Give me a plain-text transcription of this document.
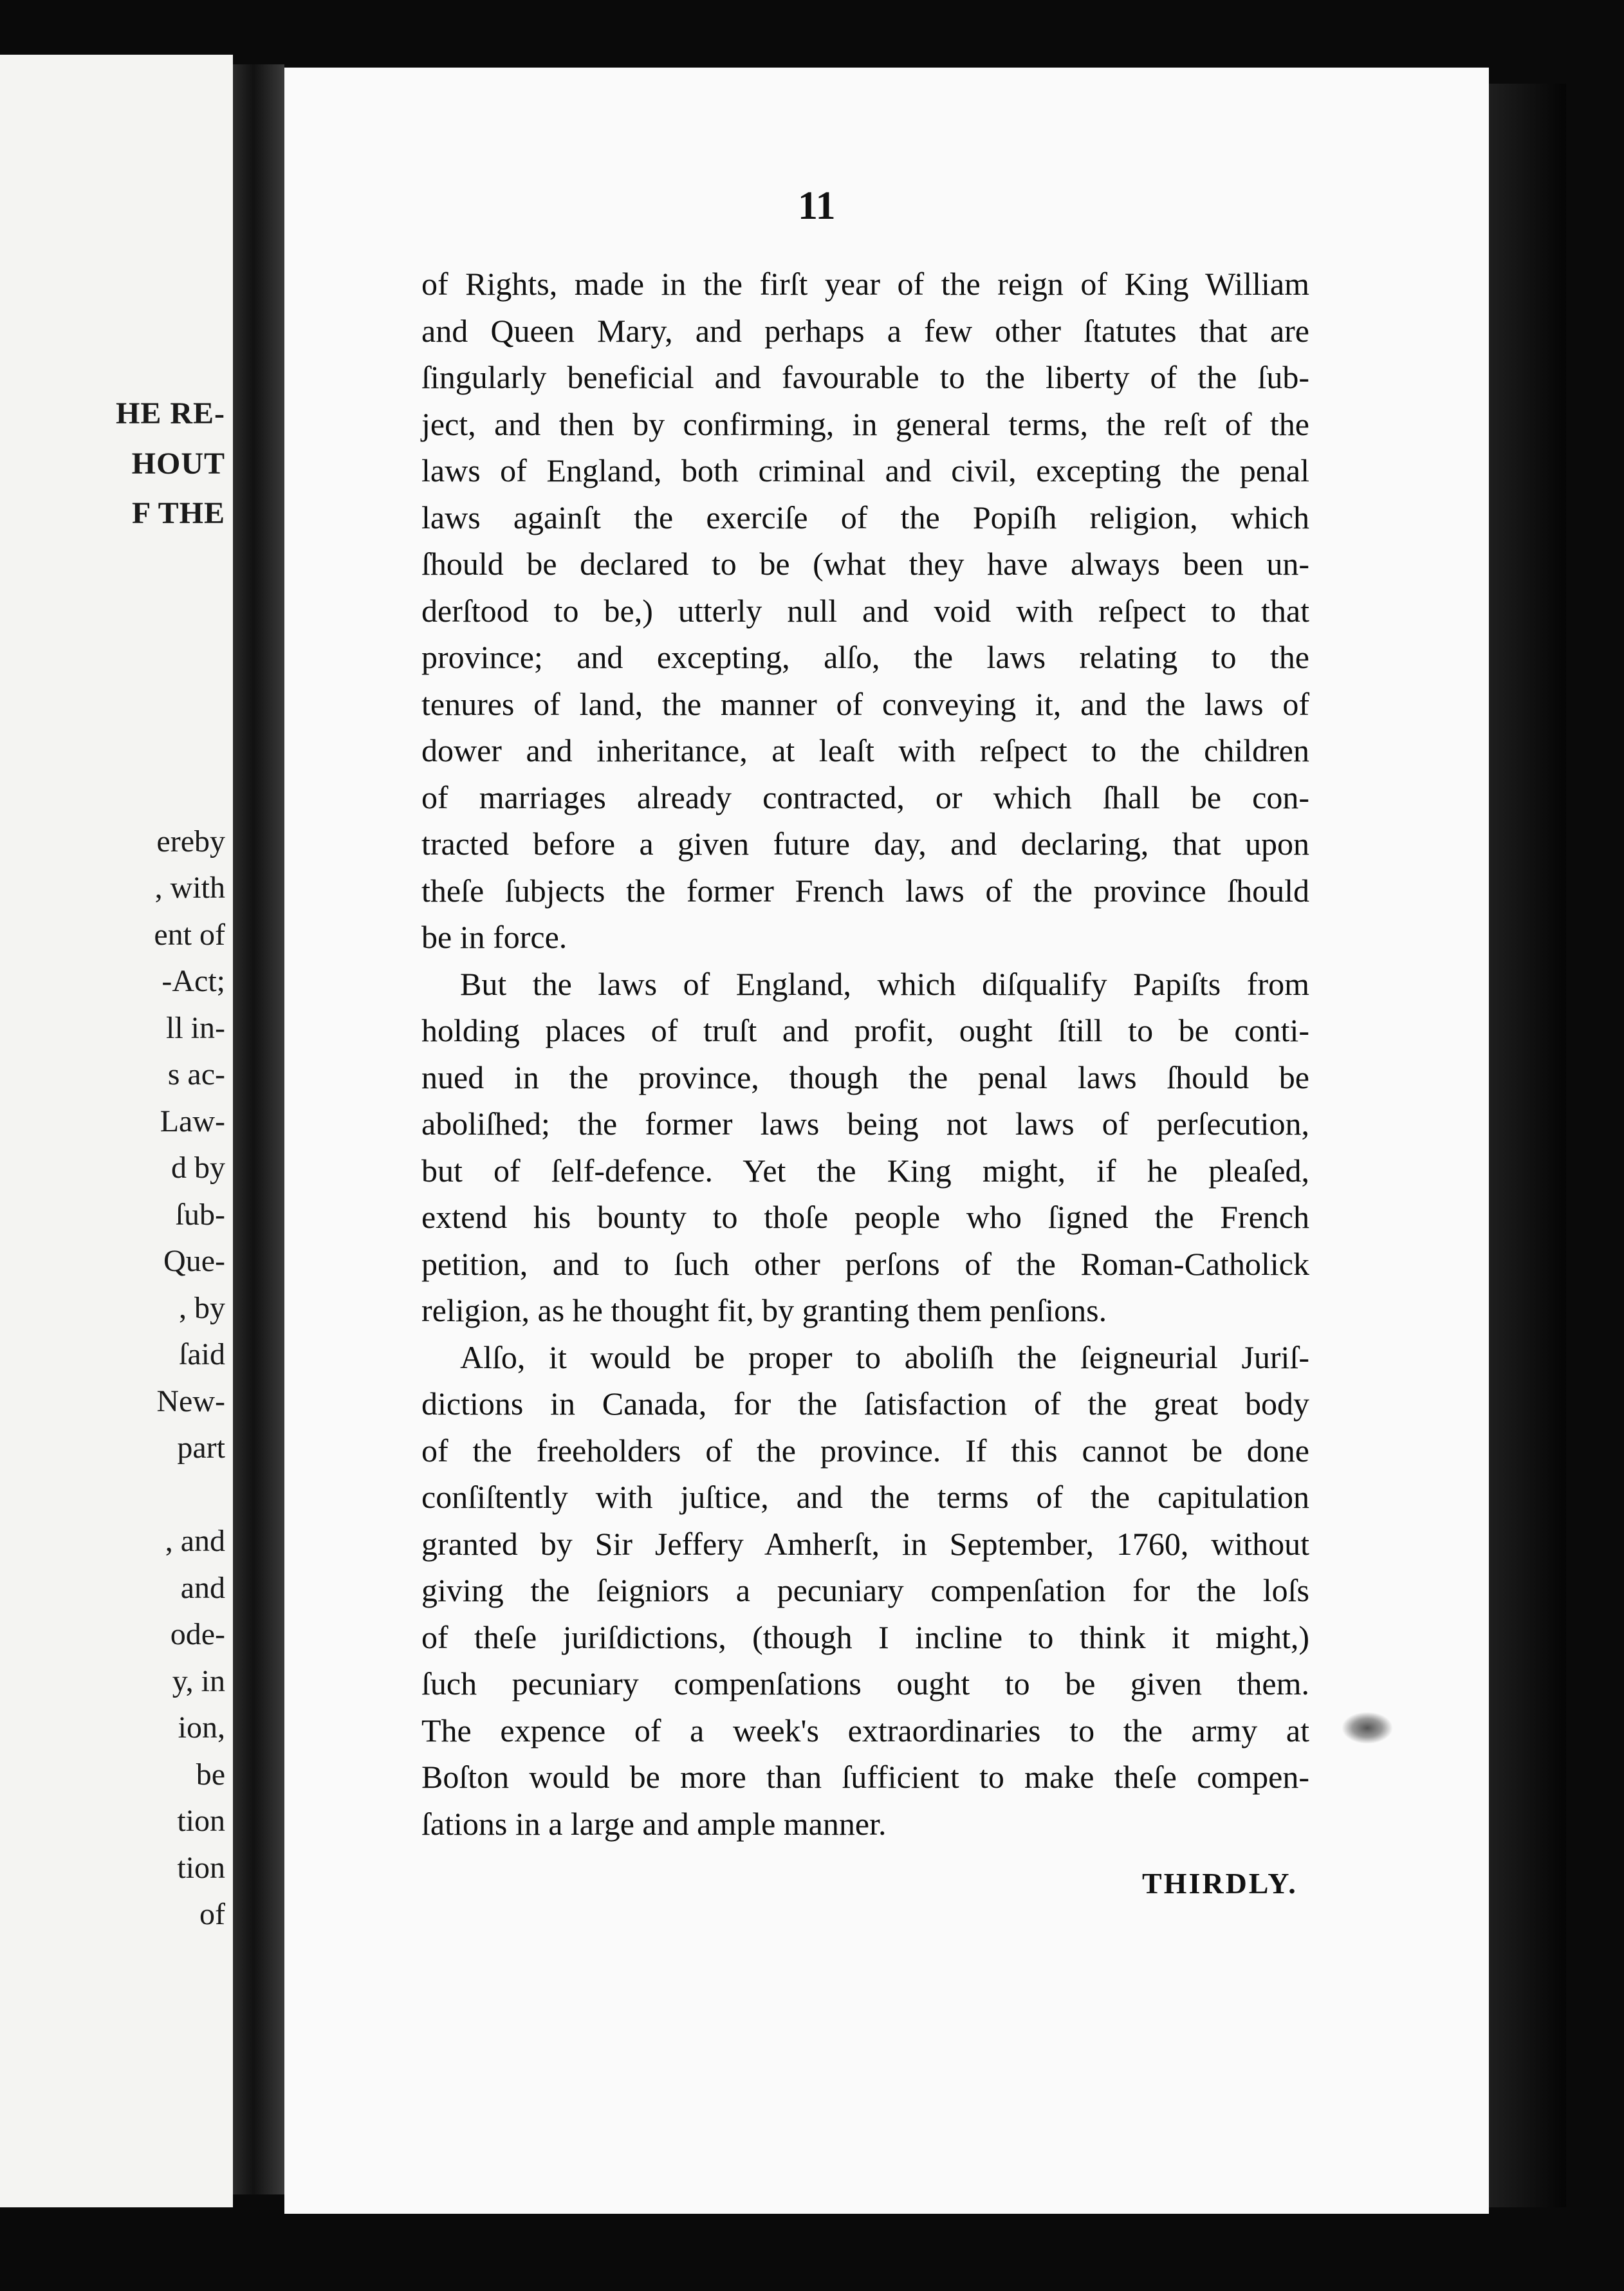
HE RE-
HOUT
F THE
ereby
, with
ent of
-Act;
ll in-
s ac-
Law-
d by
ſub-
Que-
, by
ſaid
New-
part
, and
and
ode-
y, in
ion,
be
tion
tion
of
11
of Rights, made in the firſt year of the reign of King William
and Queen Mary, and perhaps a few other ſtatutes that are
ſingularly beneficial and favourable to the liberty of the ſub-
ject, and then by confirming, in general terms, the reſt of the
laws of England, both criminal and civil, excepting the penal
laws againſt the exerciſe of the Popiſh religion, which
ſhould be declared to be (what they have always been un-
derſtood to be,) utterly null and void with reſpect to that
province; and excepting, alſo, the laws relating to the
tenures of land, the manner of conveying it, and the laws of
dower and inheritance, at leaſt with reſpect to the children
of marriages already contracted, or which ſhall be con-
tracted before a given future day, and declaring, that upon
theſe ſubjects the former French laws of the province ſhould
be in force.
But the laws of England, which diſqualify Papiſts from
holding places of truſt and profit, ought ſtill to be conti-
nued in the province, though the penal laws ſhould be
aboliſhed; the former laws being not laws of perſecution,
but of ſelf-defence. Yet the King might, if he pleaſed,
extend his bounty to thoſe people who ſigned the French
petition, and to ſuch other perſons of the Roman-Catholick
religion, as he thought fit, by granting them penſions.
Alſo, it would be proper to aboliſh the ſeigneurial Juriſ-
dictions in Canada, for the ſatisfaction of the great body
of the freeholders of the province. If this cannot be done
conſiſtently with juſtice, and the terms of the capitulation
granted by Sir Jeffery Amherſt, in September, 1760, without
giving the ſeigniors a pecuniary compenſation for the loſs
of theſe juriſdictions, (though I incline to think it might,)
ſuch pecuniary compenſations ought to be given them.
The expence of a week's extraordinaries to the army at
Boſton would be more than ſufficient to make theſe compen-
ſations in a large and ample manner.
THIRDLY.
